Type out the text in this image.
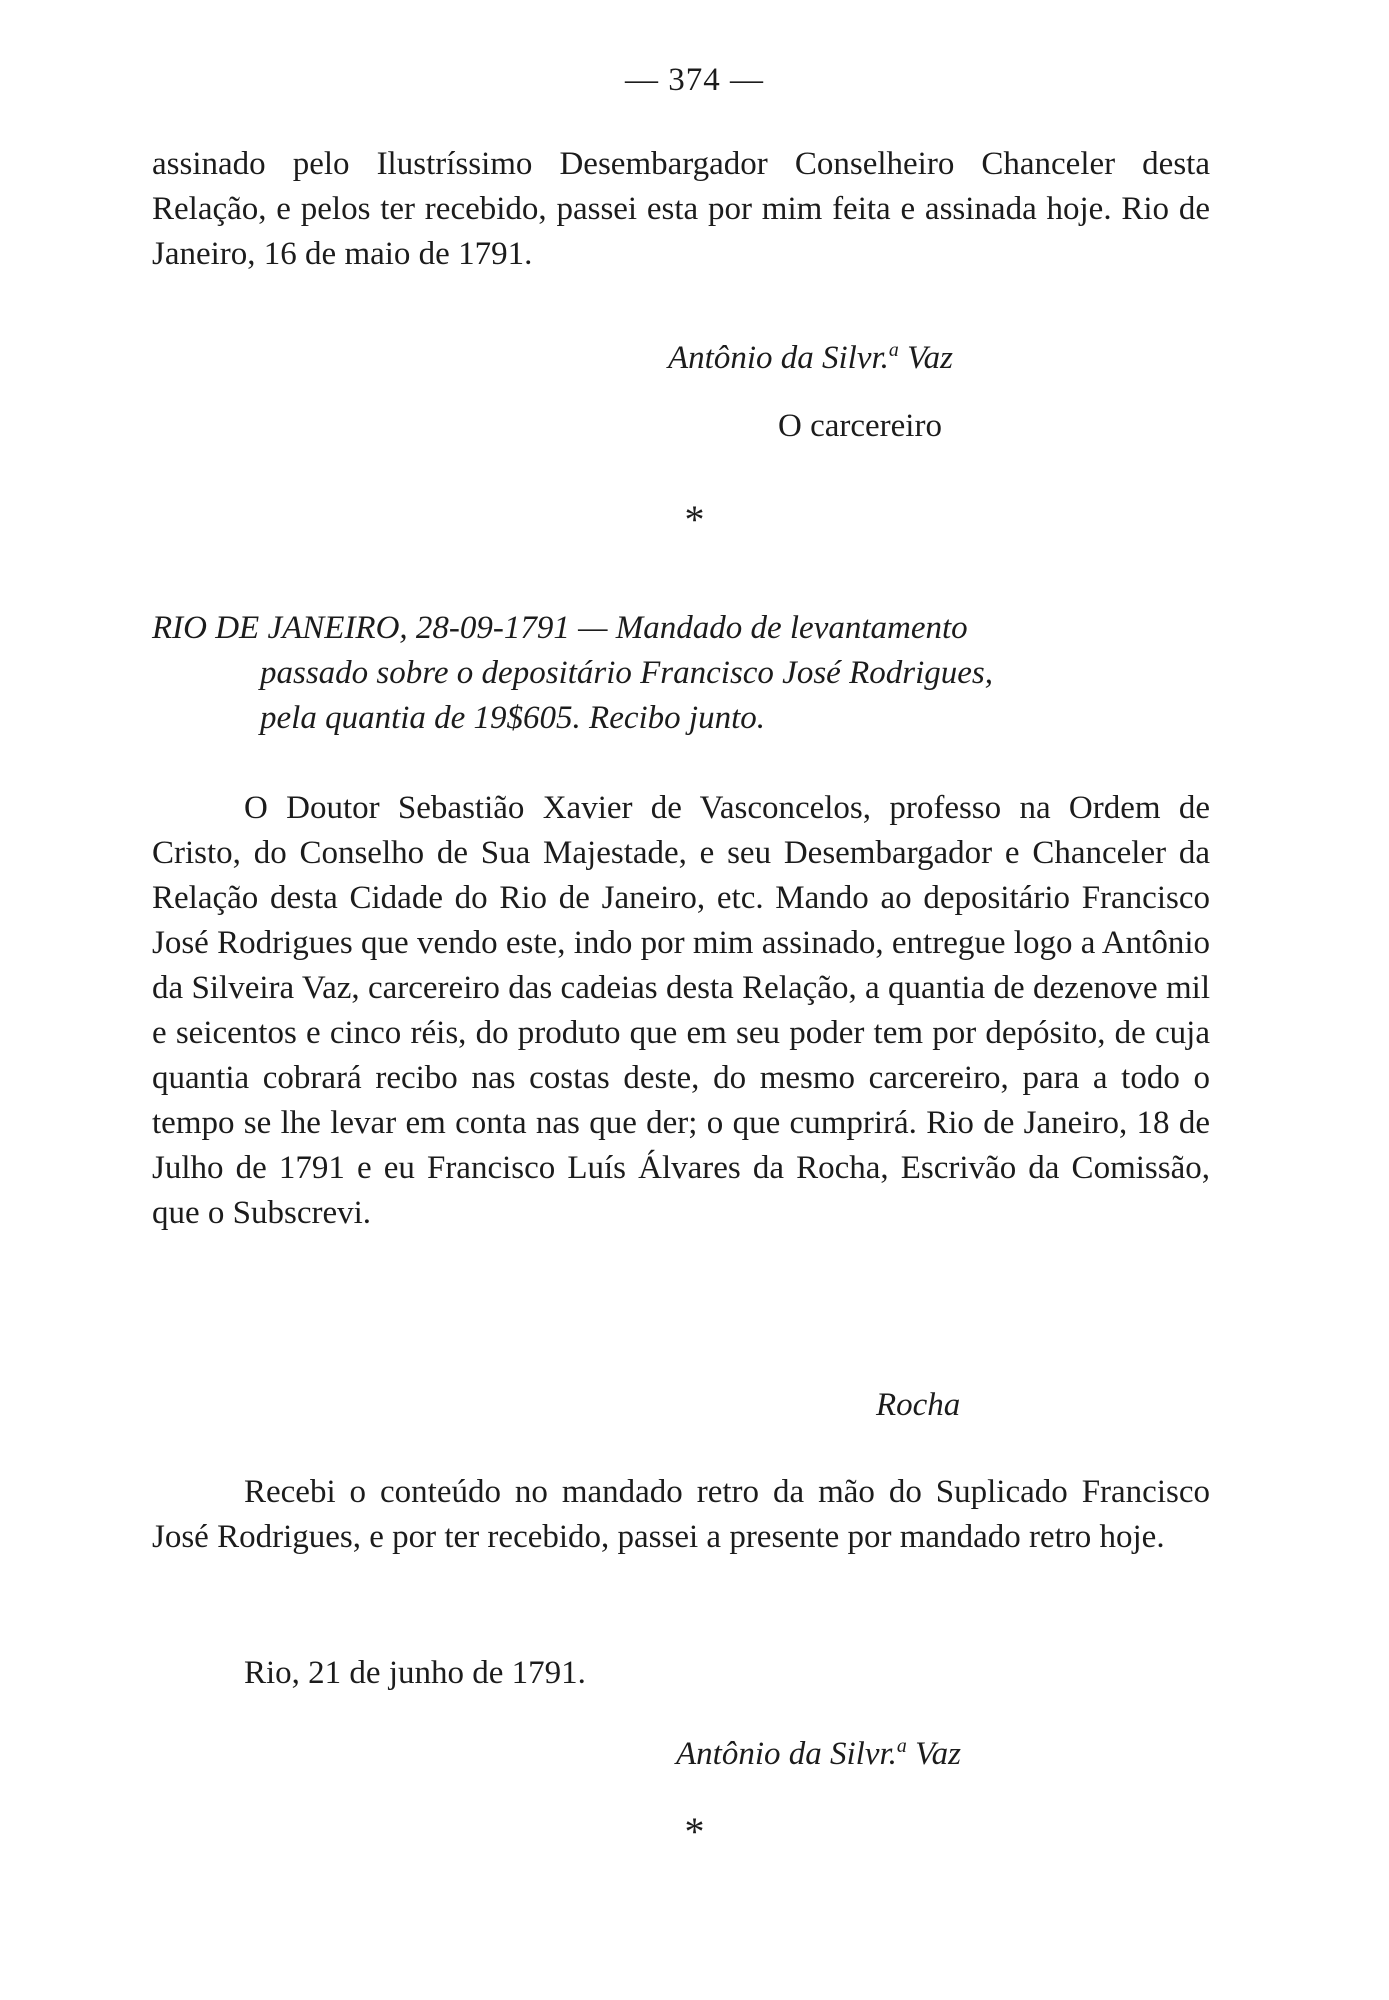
— 374 —

assinado pelo Ilustríssimo Desembargador Conselheiro Chanceler desta Relação, e pelos ter recebido, passei esta por mim feita e assinada hoje. Rio de Janeiro, 16 de maio de 1791.

Antônio da Silvr.$^a$ Vaz
O carcereiro
*
RIO DE JANEIRO, 28-09-1791 — Mandado de levantamento
passado sobre o depositário Francisco José Rodrigues,
pela quantia de 19$605. Recibo junto.

O Doutor Sebastião Xavier de Vasconcelos, professo na Ordem de Cristo, do Conselho de Sua Majestade, e seu Desembargador e Chanceler da Relação desta Cidade do Rio de Janeiro, etc. Mando ao depositário Francisco José Rodrigues que vendo este, indo por mim assinado, entregue logo a Antônio da Silveira Vaz, carcereiro das cadeias desta Relação, a quantia de dezenove mil e seicentos e cinco réis, do produto que em seu poder tem por depósito, de cuja quantia cobrará recibo nas costas deste, do mesmo carcereiro, para a todo o tempo se lhe levar em conta nas que der; o que cumprirá. Rio de Janeiro, 18 de Julho de 1791 e eu Francisco Luís Álvares da Rocha, Escrivão da Comissão, que o Subscrevi.

Rocha

Recebi o conteúdo no mandado retro da mão do Suplicado Francisco José Rodrigues, e por ter recebido, passei a presente por mandado retro hoje.

Rio, 21 de junho de 1791.
Antônio da Silvr.$^a$ Vaz
*
